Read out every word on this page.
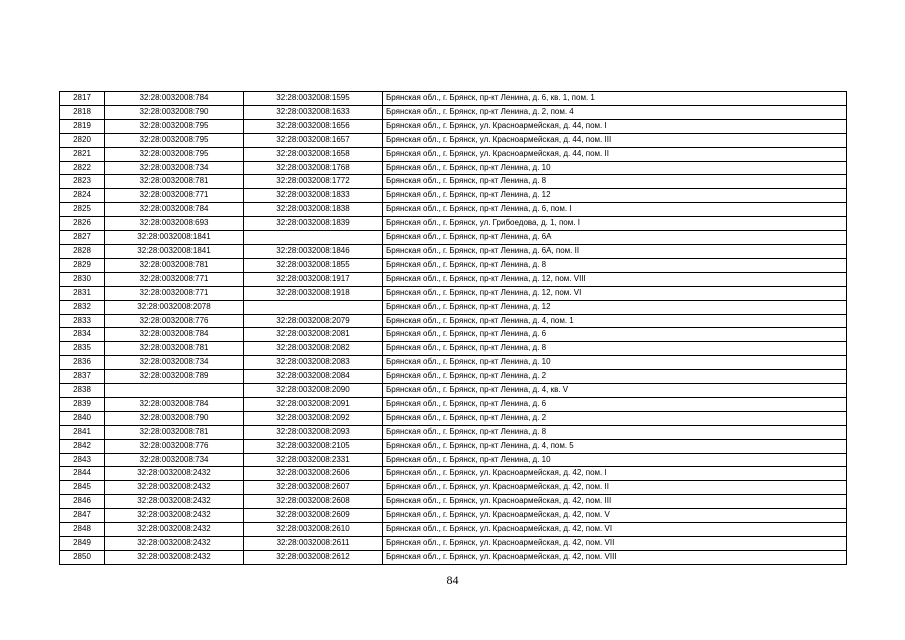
2817	32:28:0032008:784	32:28:0032008:1595	Брянская обл., г. Брянск, пр-кт Ленина, д. 6, кв. 1, пом. 1
2818	32:28:0032008:790	32:28:0032008:1633	Брянская обл., г. Брянск, пр-кт Ленина, д. 2, пом. 4
2819	32:28:0032008:795	32:28:0032008:1656	Брянская обл., г. Брянск, ул. Красноармейская, д. 44, пом. I
2820	32:28:0032008:795	32:28:0032008:1657	Брянская обл., г. Брянск, ул. Красноармейская, д. 44, пом. III
2821	32:28:0032008:795	32:28:0032008:1658	Брянская обл., г. Брянск, ул. Красноармейская, д. 44, пом. II
2822	32:28:0032008:734	32:28:0032008:1768	Брянская обл., г. Брянск, пр-кт Ленина, д. 10
2823	32:28:0032008:781	32:28:0032008:1772	Брянская обл., г. Брянск, пр-кт Ленина, д. 8
2824	32:28:0032008:771	32:28:0032008:1833	Брянская обл., г. Брянск, пр-кт Ленина, д. 12
2825	32:28:0032008:784	32:28:0032008:1838	Брянская обл., г. Брянск, пр-кт Ленина, д. 6, пом. I
2826	32:28:0032008:693	32:28:0032008:1839	Брянская обл., г. Брянск, ул. Грибоедова, д. 1, пом. I
2827	32:28:0032008:1841		Брянская обл., г. Брянск, пр-кт Ленина, д. 6А
2828	32:28:0032008:1841	32:28:0032008:1846	Брянская обл., г. Брянск, пр-кт Ленина, д. 6А, пом. II
2829	32:28:0032008:781	32:28:0032008:1855	Брянская обл., г. Брянск, пр-кт Ленина, д. 8
2830	32:28:0032008:771	32:28:0032008:1917	Брянская обл., г. Брянск, пр-кт Ленина, д. 12, пом. VIII
2831	32:28:0032008:771	32:28:0032008:1918	Брянская обл., г. Брянск, пр-кт Ленина, д. 12, пом. VI
2832	32:28:0032008:2078		Брянская обл., г. Брянск, пр-кт Ленина, д. 12
2833	32:28:0032008:776	32:28:0032008:2079	Брянская обл., г. Брянск, пр-кт Ленина, д. 4, пом. 1
2834	32:28:0032008:784	32:28:0032008:2081	Брянская обл., г. Брянск, пр-кт Ленина, д. 6
2835	32:28:0032008:781	32:28:0032008:2082	Брянская обл., г. Брянск, пр-кт Ленина, д. 8
2836	32:28:0032008:734	32:28:0032008:2083	Брянская обл., г. Брянск, пр-кт Ленина, д. 10
2837	32:28:0032008:789	32:28:0032008:2084	Брянская обл., г. Брянск, пр-кт Ленина, д. 2
2838		32:28:0032008:2090	Брянская обл., г. Брянск, пр-кт Ленина, д. 4, кв. V
2839	32:28:0032008:784	32:28:0032008:2091	Брянская обл., г. Брянск, пр-кт Ленина, д. 6
2840	32:28:0032008:790	32:28:0032008:2092	Брянская обл., г. Брянск, пр-кт Ленина, д. 2
2841	32:28:0032008:781	32:28:0032008:2093	Брянская обл., г. Брянск, пр-кт Ленина, д. 8
2842	32:28:0032008:776	32:28:0032008:2105	Брянская обл., г. Брянск, пр-кт Ленина, д. 4, пом. 5
2843	32:28:0032008:734	32:28:0032008:2331	Брянская обл., г. Брянск, пр-кт Ленина, д. 10
2844	32:28:0032008:2432	32:28:0032008:2606	Брянская обл., г. Брянск, ул. Красноармейская, д. 42, пом. I
2845	32:28:0032008:2432	32:28:0032008:2607	Брянская обл., г. Брянск, ул. Красноармейская, д. 42, пом. II
2846	32:28:0032008:2432	32:28:0032008:2608	Брянская обл., г. Брянск, ул. Красноармейская, д. 42, пом. III
2847	32:28:0032008:2432	32:28:0032008:2609	Брянская обл., г. Брянск, ул. Красноармейская, д. 42, пом. V
2848	32:28:0032008:2432	32:28:0032008:2610	Брянская обл., г. Брянск, ул. Красноармейская, д. 42, пом. VI
2849	32:28:0032008:2432	32:28:0032008:2611	Брянская обл., г. Брянск, ул. Красноармейская, д. 42, пом. VII
2850	32:28:0032008:2432	32:28:0032008:2612	Брянская обл., г. Брянск, ул. Красноармейская, д. 42, пом. VIII
84
